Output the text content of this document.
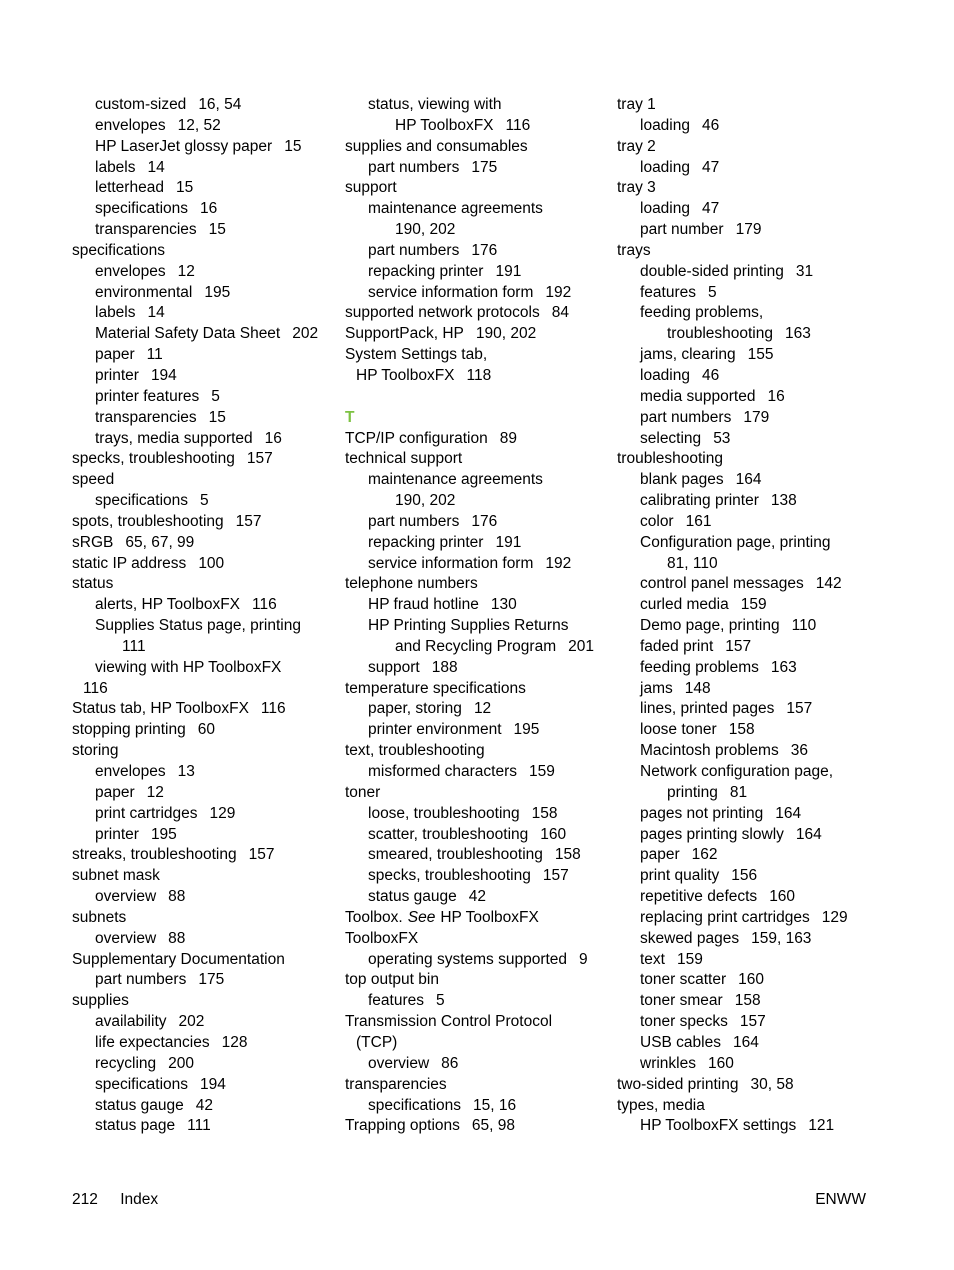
custom-sized 16, 54
envelopes 12, 52
HP LaserJet glossy paper 15
labels 14
letterhead 15
specifications 16
transparencies 15
specifications
envelopes 12
environmental 195
labels 14
Material Safety Data Sheet 202
paper 11
printer 194
printer features 5
transparencies 15
trays, media supported 16
specks, troubleshooting 157
speed
specifications 5
spots, troubleshooting 157
sRGB 65, 67, 99
static IP address 100
status
alerts, HP ToolboxFX 116
Supplies Status page, printing
111
viewing with HP ToolboxFX
116
Status tab, HP ToolboxFX 116
stopping printing 60
storing
envelopes 13
paper 12
print cartridges 129
printer 195
streaks, troubleshooting 157
subnet mask
overview 88
subnets
overview 88
Supplementary Documentation
part numbers 175
supplies
availability 202
life expectancies 128
recycling 200
specifications 194
status gauge 42
status page 111
status, viewing with
HP ToolboxFX 116
supplies and consumables
part numbers 175
support
maintenance agreements
190, 202
part numbers 176
repacking printer 191
service information form 192
supported network protocols 84
SupportPack, HP 190, 202
System Settings tab,
HP ToolboxFX 118
T
TCP/IP configuration 89
technical support
maintenance agreements
190, 202
part numbers 176
repacking printer 191
service information form 192
telephone numbers
HP fraud hotline 130
HP Printing Supplies Returns
and Recycling Program 201
support 188
temperature specifications
paper, storing 12
printer environment 195
text, troubleshooting
misformed characters 159
toner
loose, troubleshooting 158
scatter, troubleshooting 160
smeared, troubleshooting 158
specks, troubleshooting 157
status gauge 42
Toolbox. See HP ToolboxFX
ToolboxFX
operating systems supported 9
top output bin
features 5
Transmission Control Protocol
(TCP)
overview 86
transparencies
specifications 15, 16
Trapping options 65, 98
tray 1
loading 46
tray 2
loading 47
tray 3
loading 47
part number 179
trays
double-sided printing 31
features 5
feeding problems,
troubleshooting 163
jams, clearing 155
loading 46
media supported 16
part numbers 179
selecting 53
troubleshooting
blank pages 164
calibrating printer 138
color 161
Configuration page, printing
81, 110
control panel messages 142
curled media 159
Demo page, printing 110
faded print 157
feeding problems 163
jams 148
lines, printed pages 157
loose toner 158
Macintosh problems 36
Network configuration page,
printing 81
pages not printing 164
pages printing slowly 164
paper 162
print quality 156
repetitive defects 160
replacing print cartridges 129
skewed pages 159, 163
text 159
toner scatter 160
toner smear 158
toner specks 157
USB cables 164
wrinkles 160
two-sided printing 30, 58
types, media
HP ToolboxFX settings 121
212 Index	ENWW
